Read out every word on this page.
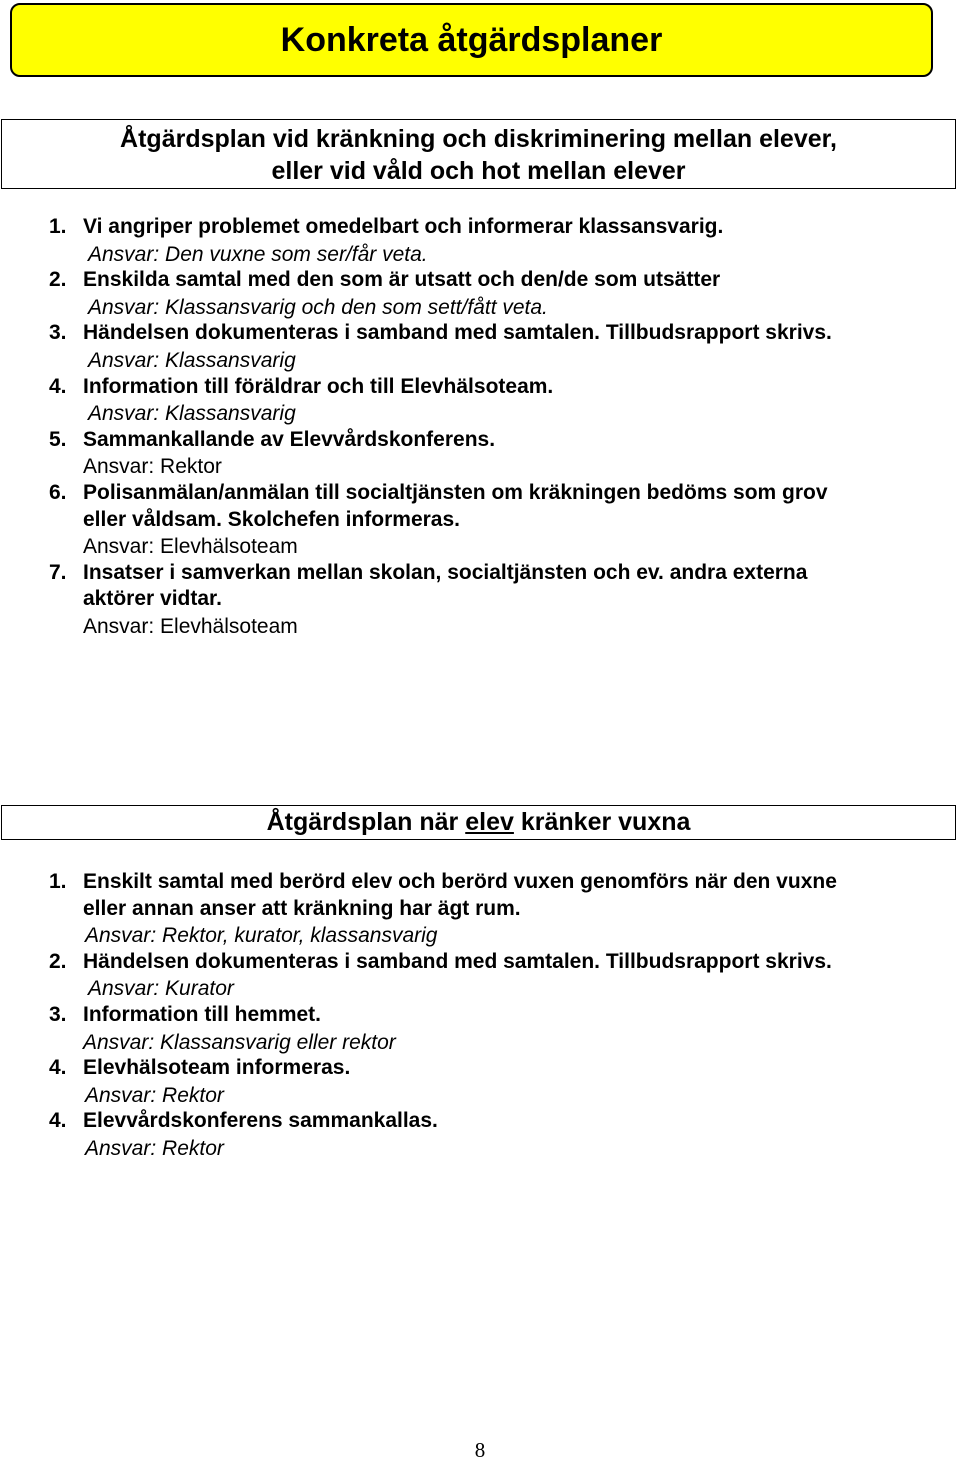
Konkreta åtgärdsplaner
Åtgärdsplan vid kränkning och diskriminering mellan elever,
eller vid våld och hot mellan elever
1. Vi angriper problemet omedelbart och informerar klassansvarig.
Ansvar: Den vuxne som ser/får veta.
2. Enskilda samtal med den som är utsatt och den/de som utsätter
Ansvar: Klassansvarig och den som sett/fått veta.
3. Händelsen dokumenteras i samband med samtalen. Tillbudsrapport skrivs.
Ansvar: Klassansvarig
4. Information till föräldrar och till Elevhälsoteam.
Ansvar: Klassansvarig
5. Sammankallande av Elevvårdskonferens.
Ansvar: Rektor
6. Polisanmälan/anmälan till socialtjänsten om kräkningen bedöms som grov
eller våldsam. Skolchefen informeras.
Ansvar: Elevhälsoteam
7. Insatser i samverkan mellan skolan, socialtjänsten och ev. andra externa
aktörer vidtar.
Ansvar: Elevhälsoteam
Åtgärdsplan när elev kränker vuxna
1. Enskilt samtal med berörd elev och berörd vuxen genomförs när den vuxne
eller annan anser att kränkning har ägt rum.
Ansvar: Rektor, kurator, klassansvarig
2. Händelsen dokumenteras i samband med samtalen. Tillbudsrapport skrivs.
Ansvar: Kurator
3. Information till hemmet.
Ansvar: Klassansvarig eller rektor
4. Elevhälsoteam informeras.
Ansvar: Rektor
4. Elevvårdskonferens sammankallas.
Ansvar: Rektor
8
